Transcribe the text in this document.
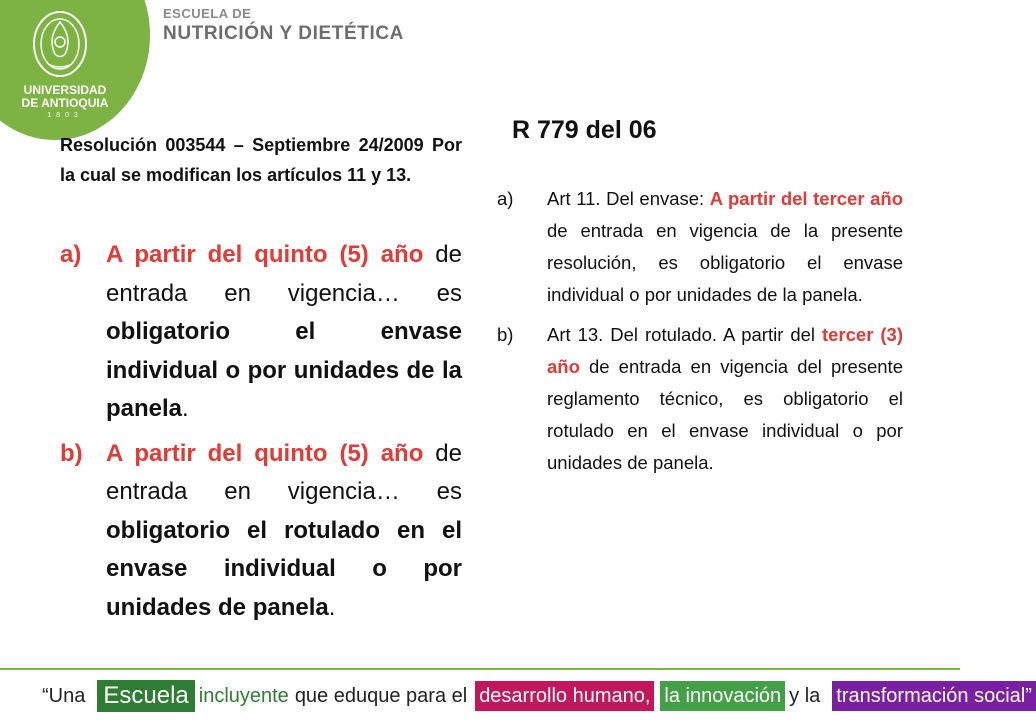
UNIVERSIDAD
DE ANTIOQUIA
1803
ESCUELA DE
NUTRICIÓN Y DIETÉTICA
Resolución 003544 – Septiembre 24/2009 Por la cual se modifican los artículos 11 y 13.
a) A partir del quinto (5) año de entrada en vigencia… es obligatorio el envase individual o por unidades de la panela.
b) A partir del quinto (5) año de entrada en vigencia… es obligatorio el rotulado en el envase individual o por unidades de panela.
R 779 del 06
a) Art 11. Del envase: A partir del tercer año de entrada en vigencia de la presente resolución, es obligatorio el envase individual o por unidades de la panela.
b) Art 13. Del rotulado. A partir del tercer (3) año de entrada en vigencia del presente reglamento técnico, es obligatorio el rotulado en el envase individual o por unidades de panela.
“Una Escuela incluyente que eduque para el desarrollo humano, la innovación y la transformación social”
